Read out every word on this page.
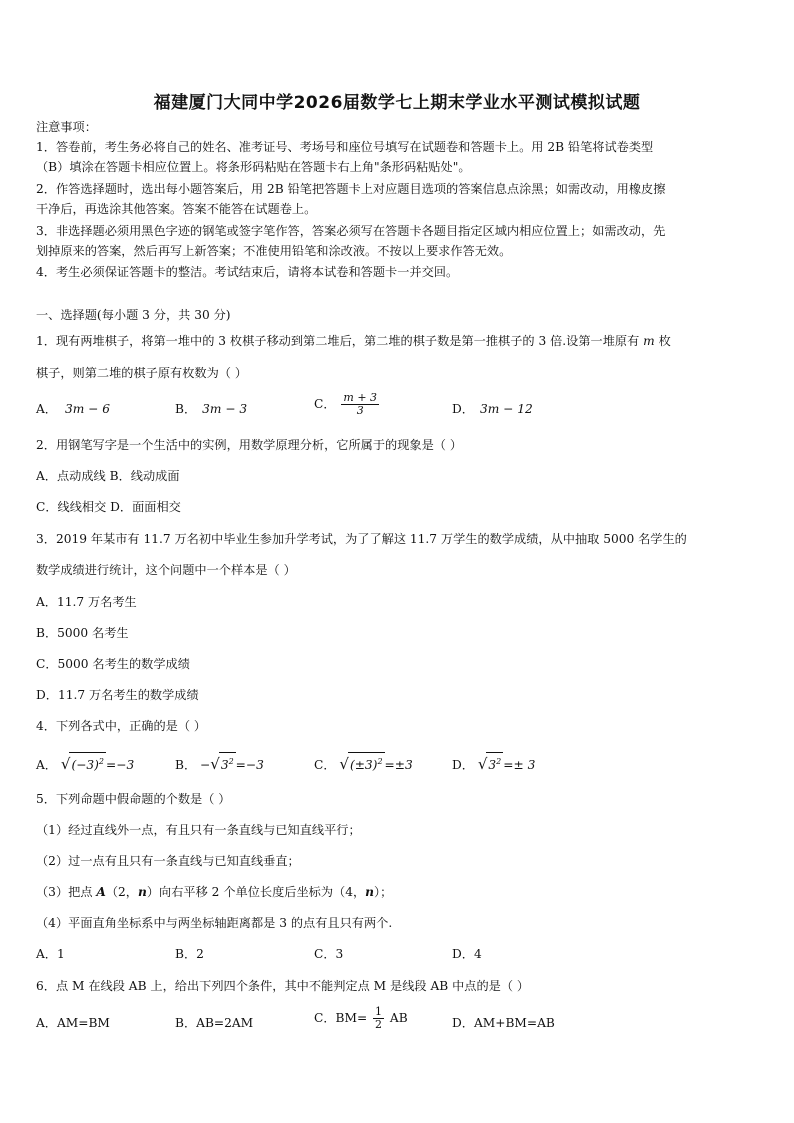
福建厦门大同中学2026届数学七上期末学业水平测试模拟试题
注意事项：
1．答卷前，考生务必将自己的姓名、准考证号、考场号和座位号填写在试题卷和答题卡上。用 2B 铅笔将试卷类型
（B）填涂在答题卡相应位置上。将条形码粘贴在答题卡右上角"条形码粘贴处"。
2．作答选择题时，选出每小题答案后，用 2B 铅笔把答题卡上对应题目选项的答案信息点涂黑；如需改动，用橡皮擦
干净后，再选涂其他答案。答案不能答在试题卷上。
3．非选择题必须用黑色字迹的钢笔或签字笔作答，答案必须写在答题卡各题目指定区域内相应位置上；如需改动，先
划掉原来的答案，然后再写上新答案；不准使用铅笔和涂改液。不按以上要求作答无效。
4．考生必须保证答题卡的整洁。考试结束后，请将本试卷和答题卡一并交回。
一、选择题(每小题 3 分，共 30 分)
1．现有两堆棋子，将第一堆中的 3 枚棋子移动到第二堆后，第二堆的棋子数是第一推棋子的 3 倍.设第一堆原有 m 枚
棋子，则第二堆的棋子原有枚数为（ ）
A． 3m − 6	B． 3m − 3	C． $\frac{m + 3}{3}$	D． 3m − 12
2．用钢笔写字是一个生活中的实例，用数学原理分析，它所属于的现象是（ ）
A．点动成线 B．线动成面
C．线线相交 D．面面相交
3．2019 年某市有 11.7 万名初中毕业生参加升学考试，为了了解这 11.7 万学生的数学成绩，从中抽取 5000 名学生的
数学成绩进行统计，这个问题中一个样本是（ ）
A．11.7 万名考生
B．5000 名考生
C．5000 名考生的数学成绩
D．11.7 万名考生的数学成绩
4．下列各式中，正确的是（ ）
A． $√(-3)^2 =-3$	B． $-√3^2 =-3$	C． $√(\pm 3)^2 =\pm 3$	D． $√3^2 =\pm 3$
5．下列命题中假命题的个数是（ ）
（1）经过直线外一点，有且只有一条直线与已知直线平行；
（2）过一点有且只有一条直线与已知直线垂直；
（3）把点 A（2，n）向右平移 2 个单位长度后坐标为（4，n）；
（4）平面直角坐标系中与两坐标轴距离都是 3 的点有且只有两个.
A．1	B．2	C．3	D．4
6．点 M 在线段 AB 上，给出下列四个条件，其中不能判定点 M 是线段 AB 中点的是（ ）
A．AM=BM	B．AB=2AM	C．$BM= \frac{1}{2}$ AB	D．AM+BM=AB
